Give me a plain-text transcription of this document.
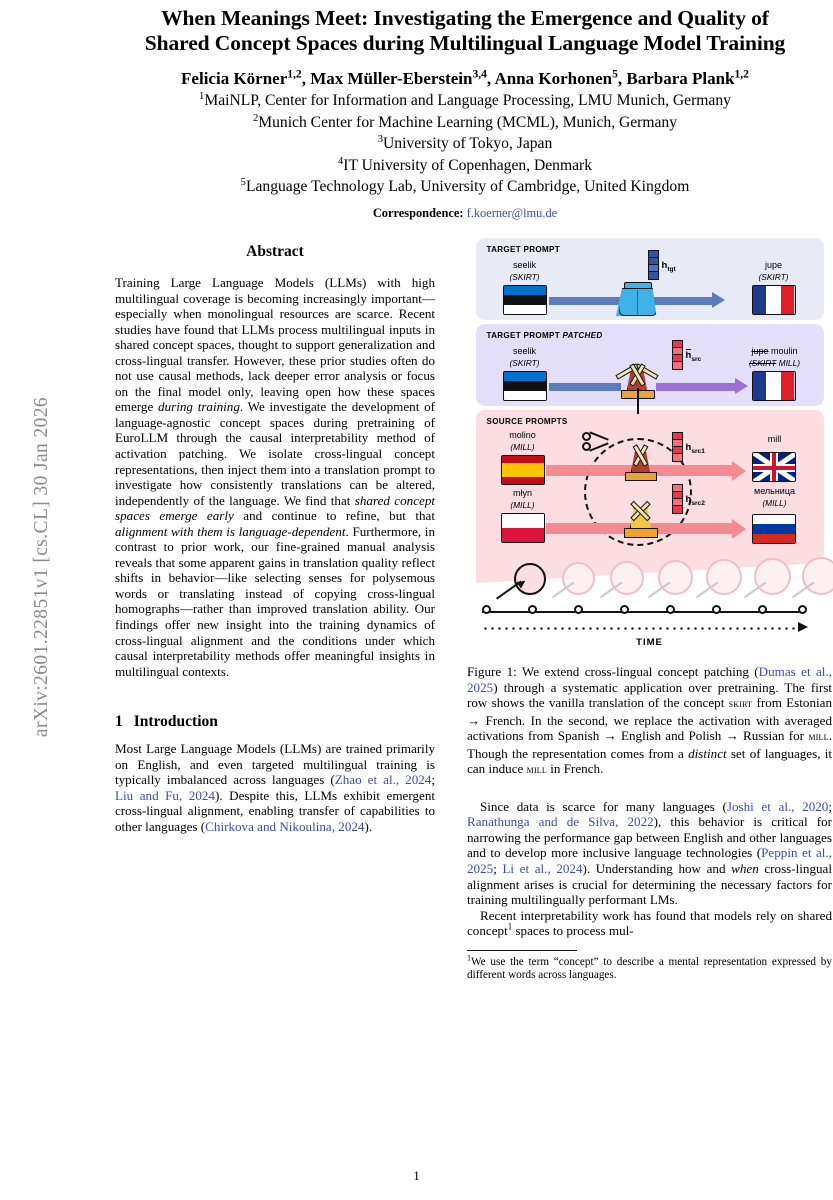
arXiv:2601.22851v1 [cs.CL] 30 Jan 2026
When Meanings Meet: Investigating the Emergence and Quality of
Shared Concept Spaces during Multilingual Language Model Training
Felicia Körner$^{1,2}$, Max Müller-Eberstein$^{3,4}$, Anna Korhonen$^5$, Barbara Plank$^{1,2}$
$^1$MaiNLP, Center for Information and Language Processing, LMU Munich, Germany
$^2$Munich Center for Machine Learning (MCML), Munich, Germany
$^3$University of Tokyo, Japan
$^4$IT University of Copenhagen, Denmark
$^5$Language Technology Lab, University of Cambridge, United Kingdom
Correspondence: f.koerner@lmu.de
Abstract

Training Large Language Models (LLMs) with high multilingual coverage is becoming increasingly important—especially when monolingual resources are scarce. Recent studies have found that LLMs process multilingual inputs in shared concept spaces, thought to support generalization and cross-lingual transfer. However, these prior studies often do not use causal methods, lack deeper error analysis or focus on the final model only, leaving open how these spaces emerge during training. We investigate the development of language-agnostic concept spaces during pretraining of EuroLLM through the causal interpretability method of activation patching. We isolate cross-lingual concept representations, then inject them into a translation prompt to investigate how consistently translations can be altered, independently of the language. We find that shared concept spaces emerge early and continue to refine, but that alignment with them is language-dependent. Furthermore, in contrast to prior work, our fine-grained manual analysis reveals that some apparent gains in translation quality reflect shifts in behavior—like selecting senses for polysemous words or translating instead of copying cross-lingual homographs—rather than improved translation ability. Our findings offer new insight into the training dynamics of cross-lingual alignment and the conditions under which causal interpretability methods offer meaningful insights in multilingual contexts.

1 Introduction

Most Large Language Models (LLMs) are trained primarily on English, and even targeted multilingual training is typically imbalanced across languages (Zhao et al., 2024; Liu and Fu, 2024). Despite this, LLMs exhibit emergent cross-lingual alignment, enabling transfer of capabilities to other languages (Chirkova and Nikoulina, 2024).

TARGET PROMPT
seelik
(SKIRT)
$h_{tgt}$	jupe
(SKIRT)
TARGET PROMPT PATCHED
seelik
(SKIRT)
$h_{src}$
jupe moulin
(SKIRT MILL)
SOURCE PROMPTS
molino
(MILL)	$h_{src1}$
mill
młyn
(MILL)	$h_{src2}$
мельница
(MILL)
TIME
Figure 1: We extend cross-lingual concept patching (Dumas et al., 2025) through a systematic application over pretraining. The first row shows the vanilla translation of the concept skirt from Estonian → French. In the second, we replace the activation with averaged activations from Spanish → English and Polish → Russian for mill. Though the representation comes from a distinct set of languages, it can induce mill in French.

Since data is scarce for many languages (Joshi et al., 2020; Ranathunga and de Silva, 2022), this behavior is critical for narrowing the performance gap between English and other languages and to develop more inclusive language technologies (Peppin et al., 2025; Li et al., 2024). Understanding how and when cross-lingual alignment arises is crucial for determining the necessary factors for training multilingually performant LMs.

Recent interpretability work has found that models rely on shared concept$^1$ spaces to process mul-

$^1$We use the term “concept” to describe a mental representation expressed by different words across languages.
1
